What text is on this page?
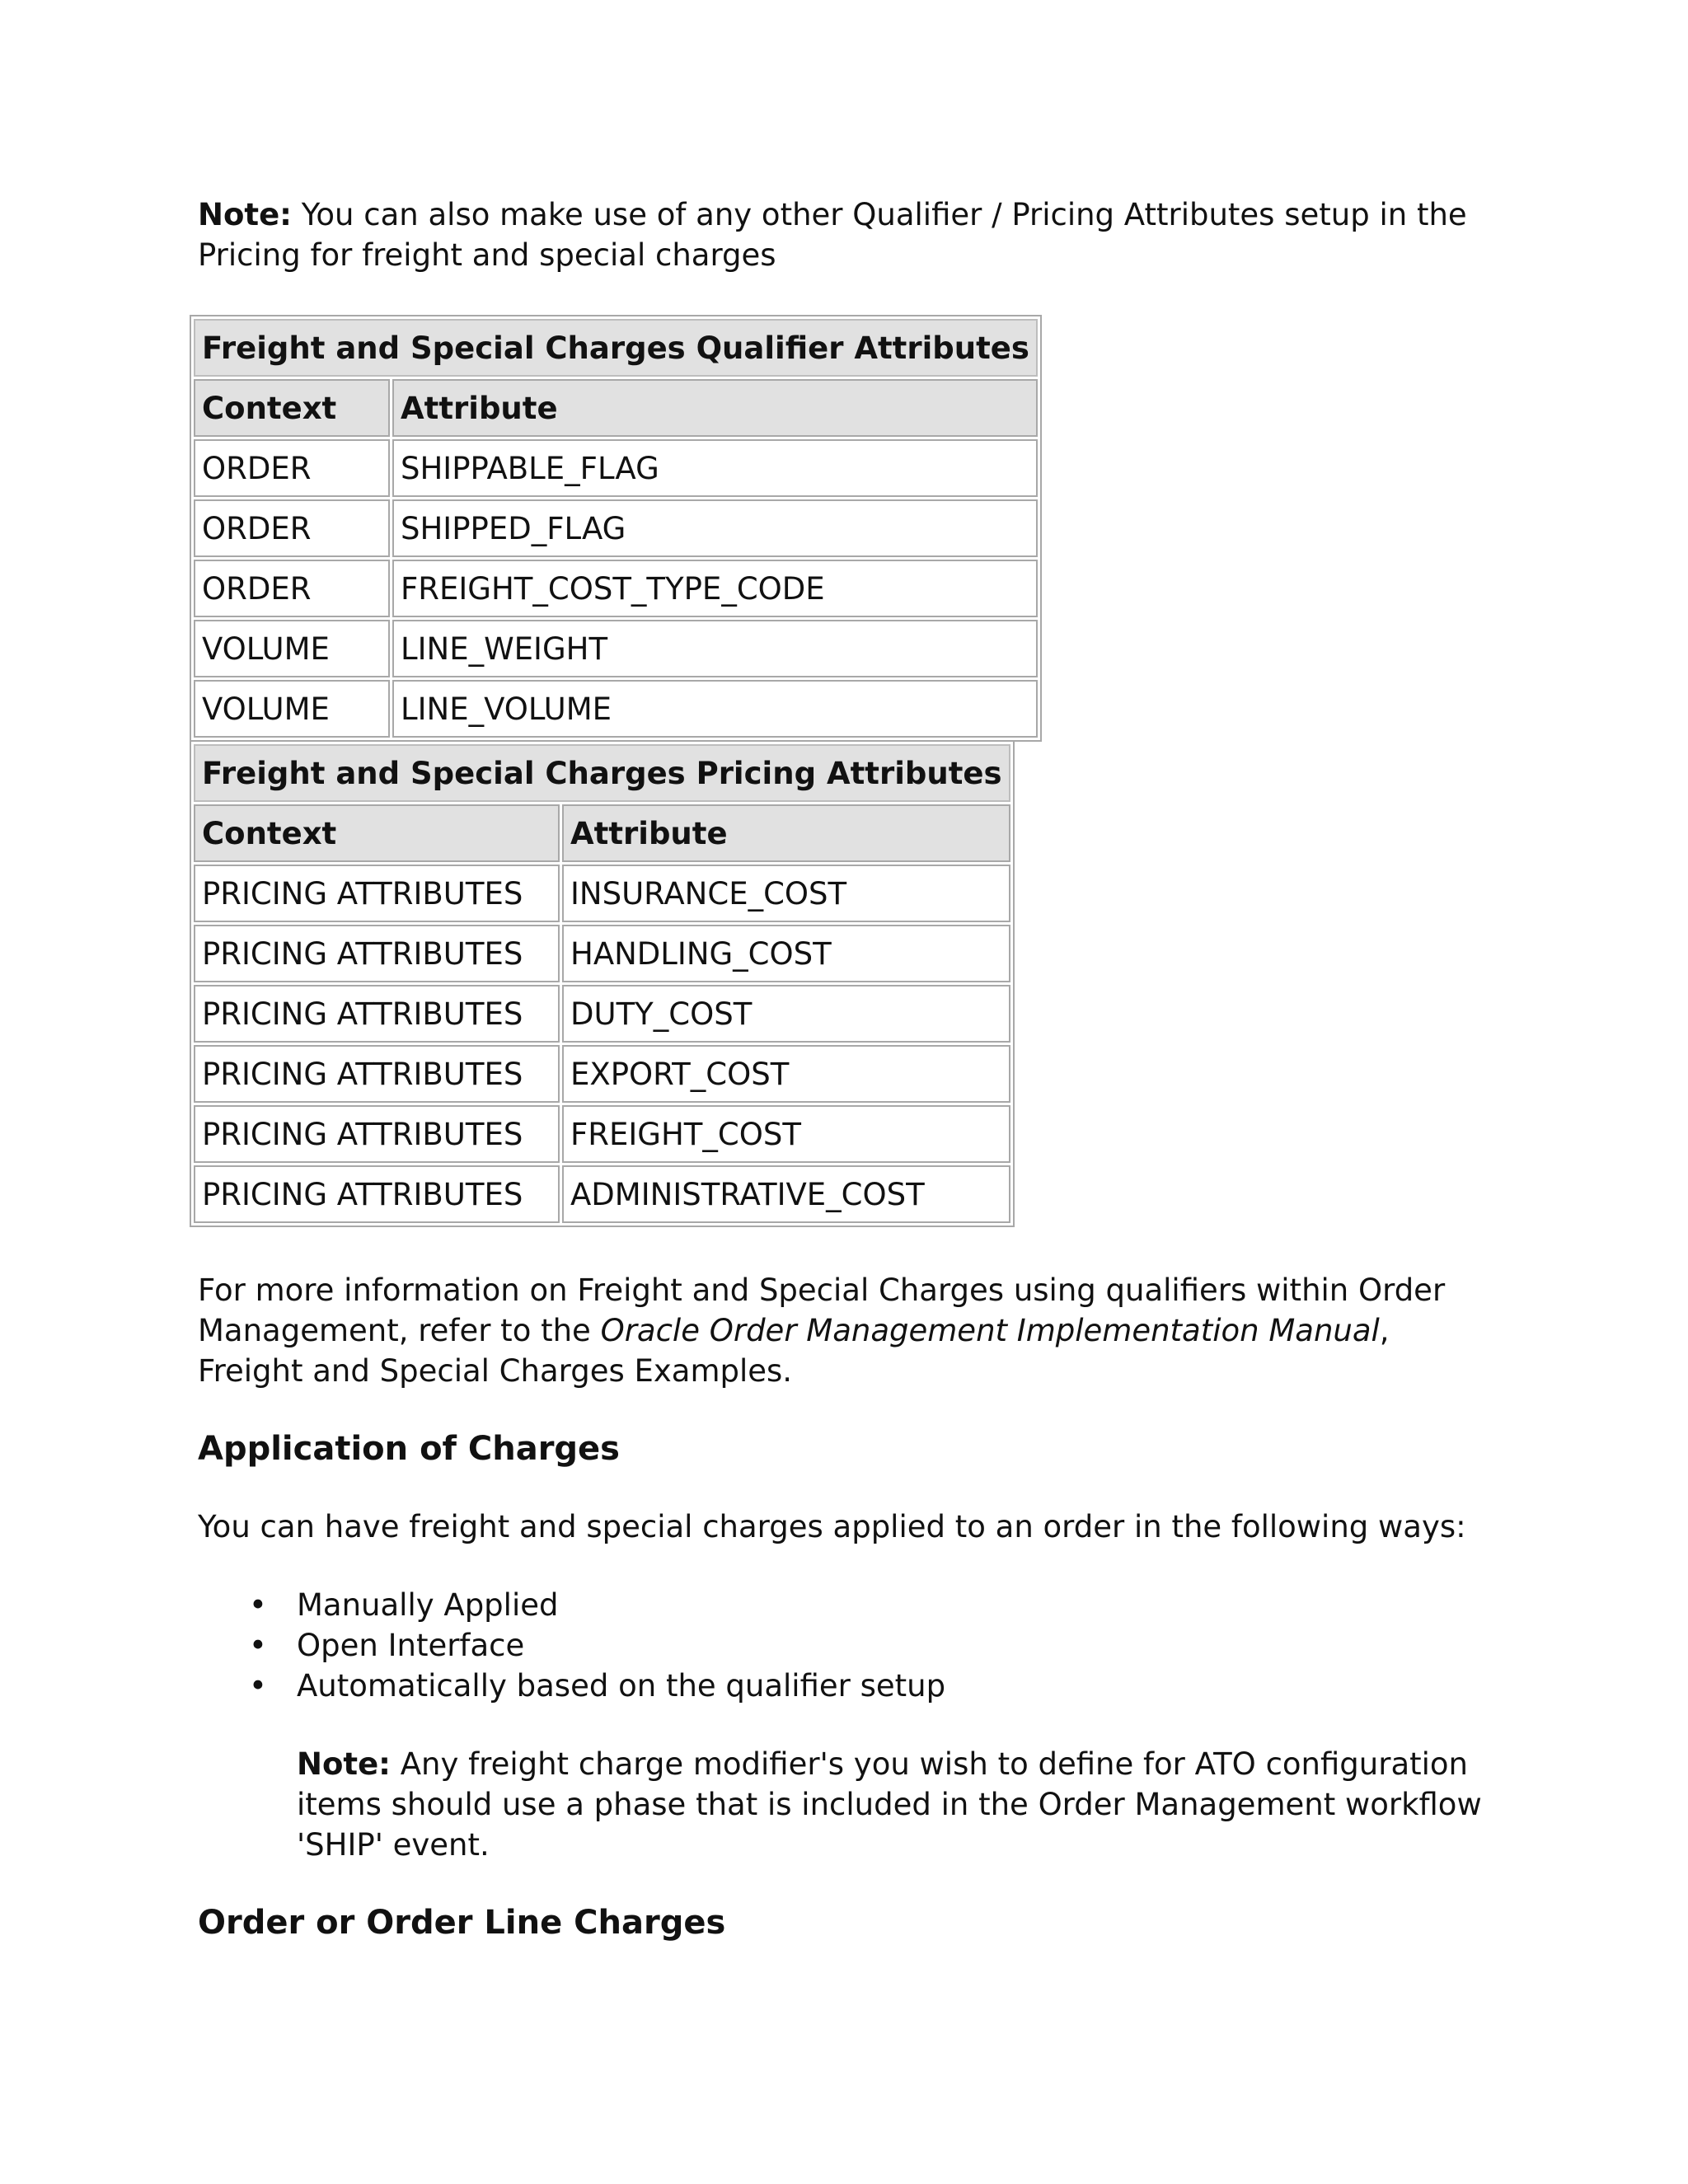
Note: You can also make use of any other Qualifier / Pricing Attributes setup in the Pricing for freight and special charges

Freight and Special Charges Qualifier Attributes	
Context	Attribute
ORDER	SHIPPABLE_FLAG
ORDER	SHIPPED_FLAG
ORDER	FREIGHT_COST_TYPE_CODE
VOLUME	LINE_WEIGHT
VOLUME	LINE_VOLUME
Freight and Special Charges Pricing Attributes	
Context	Attribute
PRICING ATTRIBUTES	INSURANCE_COST
PRICING ATTRIBUTES	HANDLING_COST
PRICING ATTRIBUTES	DUTY_COST
PRICING ATTRIBUTES	EXPORT_COST
PRICING ATTRIBUTES	FREIGHT_COST
PRICING ATTRIBUTES	ADMINISTRATIVE_COST

For more information on Freight and Special Charges using qualifiers within Order Management, refer to the Oracle Order Management Implementation Manual, Freight and Special Charges Examples.

Application of Charges

You can have freight and special charges applied to an order in the following ways:

• Manually Applied
• Open Interface
• Automatically based on the qualifier setup

Note: Any freight charge modifier's you wish to define for ATO configuration items should use a phase that is included in the Order Management workflow 'SHIP' event.

Order or Order Line Charges
